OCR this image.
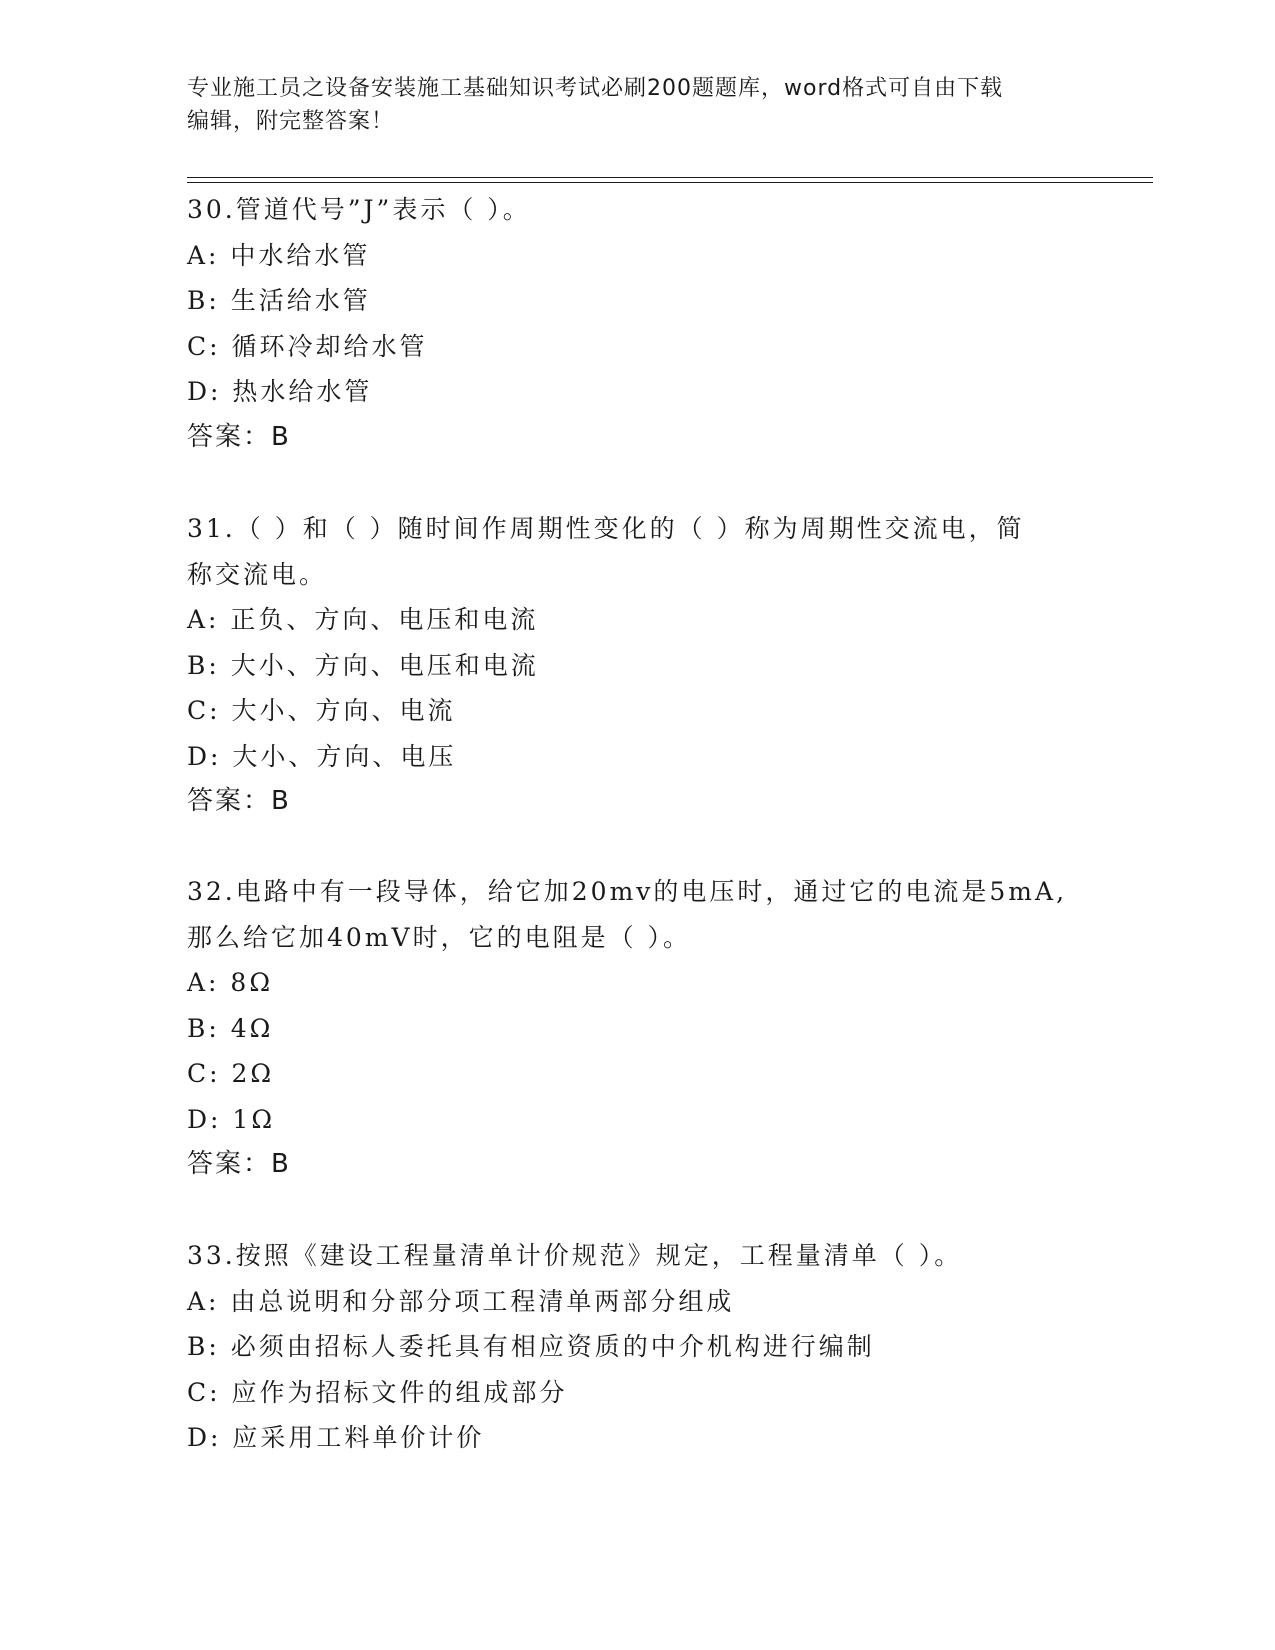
专业施工员之设备安装施工基础知识考试必刷200题题库，word格式可自由下载
编辑，附完整答案！
30.管道代号”J”表示（ ）。
A: 中水给水管
B: 生活给水管
C: 循环冷却给水管
D: 热水给水管
答案：B
31.（ ）和（ ）随时间作周期性变化的（ ）称为周期性交流电，简
称交流电。
A: 正负、方向、电压和电流
B: 大小、方向、电压和电流
C: 大小、方向、电流
D: 大小、方向、电压
答案：B
32.电路中有一段导体，给它加20mv的电压时，通过它的电流是5mA,
那么给它加40mV时，它的电阻是（ ）。
A: 8Ω
B: 4Ω
C: 2Ω
D: 1Ω
答案：B
33.按照《建设工程量清单计价规范》规定，工程量清单（ ）。
A: 由总说明和分部分项工程清单两部分组成
B: 必须由招标人委托具有相应资质的中介机构进行编制
C: 应作为招标文件的组成部分
D: 应采用工料单价计价
